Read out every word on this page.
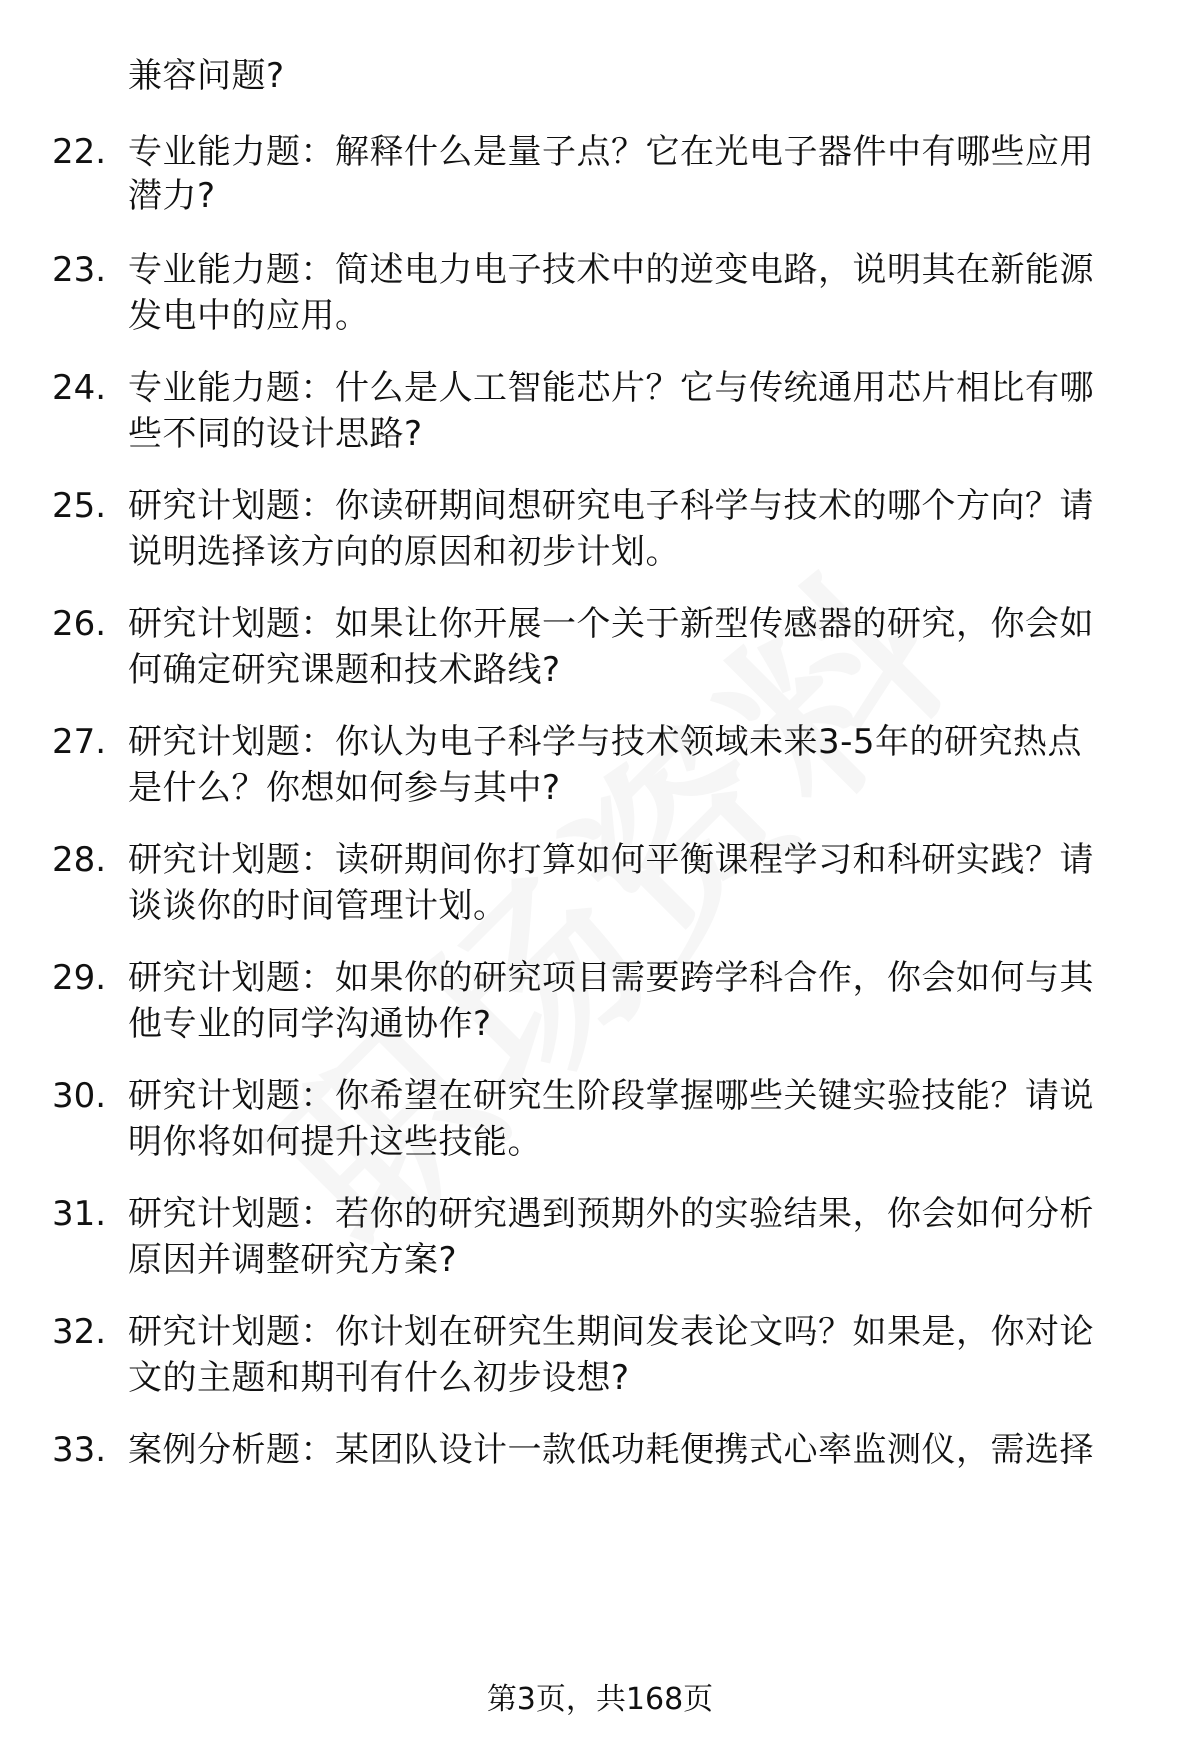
兼容问题?
22. 专业能力题：解释什么是量子点？它在光电子器件中有哪些应用
潜力?
23. 专业能力题：简述电力电子技术中的逆变电路，说明其在新能源
发电中的应用。
24. 专业能力题：什么是人工智能芯片？它与传统通用芯片相比有哪
些不同的设计思路?
25. 研究计划题：你读研期间想研究电子科学与技术的哪个方向？请
说明选择该方向的原因和初步计划。
26. 研究计划题：如果让你开展一个关于新型传感器的研究，你会如
何确定研究课题和技术路线?
27. 研究计划题：你认为电子科学与技术领域未来3-5年的研究热点
是什么？你想如何参与其中?
28. 研究计划题：读研期间你打算如何平衡课程学习和科研实践？请
谈谈你的时间管理计划。
29. 研究计划题：如果你的研究项目需要跨学科合作，你会如何与其
他专业的同学沟通协作?
30. 研究计划题：你希望在研究生阶段掌握哪些关键实验技能？请说
明你将如何提升这些技能。
31. 研究计划题：若你的研究遇到预期外的实验结果，你会如何分析
原因并调整研究方案?
32. 研究计划题：你计划在研究生期间发表论文吗？如果是，你对论
文的主题和期刊有什么初步设想?
33. 案例分析题：某团队设计一款低功耗便携式心率监测仪，需选择
第3页，共168页
